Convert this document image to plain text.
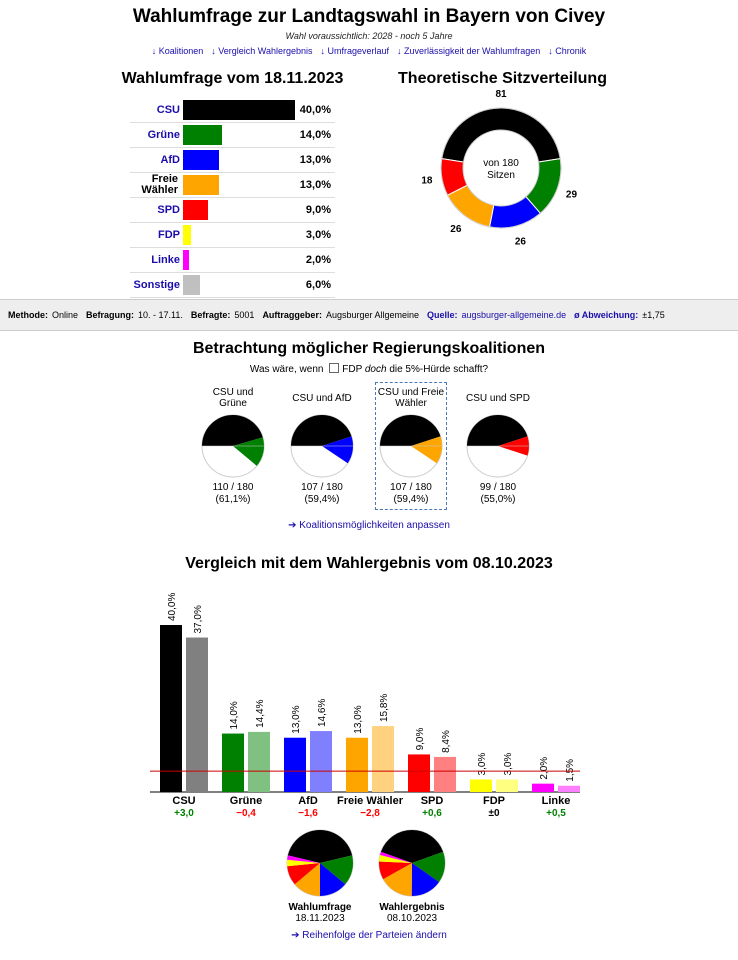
Wahlumfrage zur Landtagswahl in Bayern von Civey
Wahl voraussichtlich: 2028 - noch 5 Jahre
↓ Koalitionen ↓ Vergleich Wahlergebnis ↓ Umfrageverlauf ↓ Zuverlässigkeit der Wahlumfragen ↓ Chronik
Wahlumfrage vom 18.11.2023	Theoretische Sitzverteilung
CSU	40,0%
Grüne	14,0%
AfD	13,0%
Freie Wähler	13,0%
SPD	9,0%
FDP	3,0%
Linke	2,0%
Sonstige	6,0%
von 180
Sitzen
81
29
26
26
18
Methode: Online Befragung: 10. - 17.11. Befragte: 5001 Auftraggeber: Augsburger Allgemeine Quelle: augsburger-allgemeine.de ø Abweichung: ±1,75
Betrachtung möglicher Regierungskoalitionen
Was wäre, wenn FDP doch die 5%-Hürde schafft?
CSU und Grüne
110 / 180
(61,1%)
CSU und AfD
107 / 180
(59,4%)
CSU und Freie Wähler
107 / 180
(59,4%)
CSU und SPD
99 / 180
(55,0%)
➔ Koalitionsmöglichkeiten anpassen
Vergleich mit dem Wahlergebnis vom 08.10.2023
40,0% 37,0%
CSU
+3,0
14,0% 14,4%
Grüne
−0,4
13,0% 14,6%
AfD
−1,6
13,0% 15,8%
Freie Wähler
−2,8
9,0% 8,4%
SPD
+0,6
3,0% 3,0%
FDP
±0
2,0% 1,5%
Linke
+0,5
Wahlumfrage
18.11.2023
Wahlergebnis
08.10.2023
➔ Reihenfolge der Parteien ändern
